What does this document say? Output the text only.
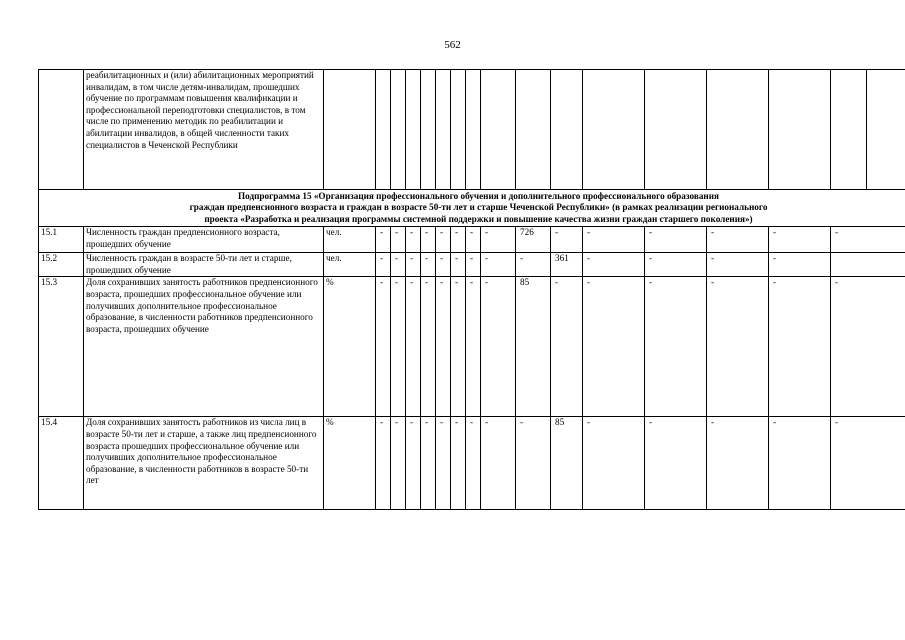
562
	реабилитационных и (или) абилитационных мероприятий инвалидам, в том числе детям-инвалидам, прошедших обучение по программам повышения квалификации и профессиональной переподготовки специалистов, в том числе по применению методик по реабилитации и абилитации инвалидов, в общей численности таких специалистов в Чеченской Республики																	

Подпрограмма 15 «Организация профессионального обучения и дополнительного профессионального образования
граждан предпенсионного возраста и граждан в возрасте 50-ти лет и старше Чеченской Республики» (в рамках реализации регионального
проекта «Разработка и реализация программы системной поддержки и повышение качества жизни граждан старшего поколения»)																		

15.1	Численность граждан предпенсионного возраста, прошедших обучение	чел.	-	-	-	-	-	-	-	-	726	-	-	-	-	-	-	
15.2	Численность граждан в возрасте 50-ти лет и старше, прошедших обучение	чел.	-	-	-	-	-	-	-	-	-	361	-	-	-	-		
15.3	Доля сохранивших занятость работников предпенсионного возраста, прошедших профессиональное обучение или получивших дополнительное профессиональное образование, в численности работников предпенсионного возраста, прошедших обучение	%	-	-	-	-	-	-	-	-	85	-	-	-	-	-	-	
15.4	Доля сохранивших занятость работников из числа лиц в возрасте 50-ти лет и старше, а также лиц предпенсионного возраста прошедших профессиональное обучение или получивших дополнительное профессиональное образование, в численности работников в возрасте 50-ти лет	%	-	-	-	-	-	-	-	-	-	85	-	-	-	-	-	
